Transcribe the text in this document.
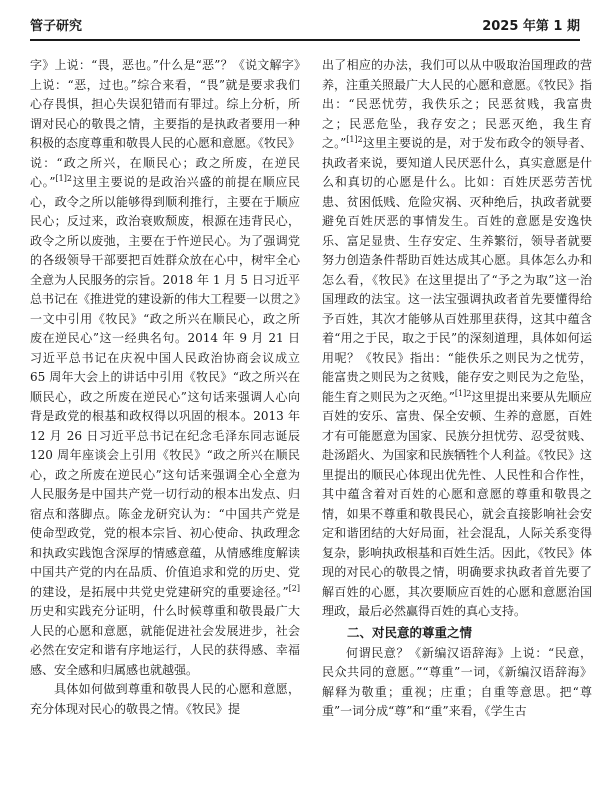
管子研究	2025 年第 1 期

字》上说：“畏，恶也。”什么是“恶”？《说文解字》上说：“恶，过也。”综合来看，“畏”就是要求我们心存畏惧，担心失误犯错而有罪过。综上分析，所谓对民心的敬畏之情，主要指的是执政者要用一种积极的态度尊重和敬畏人民的心愿和意愿。《牧民》说：“政之所兴，在顺民心；政之所废，在逆民心。”$^{[1]2}$这里主要说的是政治兴盛的前提在顺应民心，政令之所以能够得到顺利推行，主要在于顺应民心；反过来，政治衰败颓废，根源在违背民心，政令之所以废弛，主要在于忤逆民心。为了强调党的各级领导干部要把百姓群众放在心中，树牢全心全意为人民服务的宗旨。2018 年 1 月 5 日习近平总书记在《推进党的建设新的伟大工程要一以贯之》一文中引用《牧民》“政之所兴在顺民心，政之所废在逆民心”这一经典名句。2014 年 9 月 21 日习近平总书记在庆祝中国人民政治协商会议成立 65 周年大会上的讲话中引用《牧民》“政之所兴在顺民心，政之所废在逆民心”这句话来强调人心向背是政党的根基和政权得以巩固的根本。2013 年 12 月 26 日习近平总书记在纪念毛泽东同志诞辰 120 周年座谈会上引用《牧民》“政之所兴在顺民心，政之所废在逆民心”这句话来强调全心全意为人民服务是中国共产党一切行动的根本出发点、归宿点和落脚点。陈金龙研究认为：“中国共产党是使命型政党，党的根本宗旨、初心使命、执政理念和执政实践饱含深厚的情感意蕴，从情感维度解读中国共产党的内在品质、价值追求和党的历史、党的建设，是拓展中共党史党建研究的重要途径。”[2]历史和实践充分证明，什么时候尊重和敬畏最广大人民的心愿和意愿，就能促进社会发展进步，社会必然在安定和谐有序地运行，人民的获得感、幸福感、安全感和归属感也就越强。

具体如何做到尊重和敬畏人民的心愿和意愿，充分体现对民心的敬畏之情。《牧民》提

出了相应的办法，我们可以从中吸取治国理政的营养，注重关照最广大人民的心愿和意愿。《牧民》指出：“民恶忧劳，我佚乐之；民恶贫贱，我富贵之；民恶危坠，我存安之；民恶灭绝，我生育之。”$^{[1]2}$这里主要说的是，对于发布政令的领导者、执政者来说，要知道人民厌恶什么，真实意愿是什么和真切的心愿是什么。比如：百姓厌恶劳苦忧患、贫困低贱、危险灾祸、灭种绝后，执政者就要避免百姓厌恶的事情发生。百姓的意愿是安逸快乐、富足显贵、生存安定、生养繁衍，领导者就要努力创造条件帮助百姓达成其心愿。具体怎么办和怎么看，《牧民》在这里提出了“予之为取”这一治国理政的法宝。这一法宝强调执政者首先要懂得给予百姓，其次才能够从百姓那里获得，这其中蕴含着“用之于民，取之于民”的深刻道理，具体如何运用呢？《牧民》指出：“能佚乐之则民为之忧劳，能富贵之则民为之贫贱，能存安之则民为之危坠，能生育之则民为之灭绝。”$^{[1]2}$这里提出来要从先顺应百姓的安乐、富贵、保全安顿、生养的意愿，百姓才有可能愿意为国家、民族分担忧劳、忍受贫贱、赴汤蹈火、为国家和民族牺牲个人利益。《牧民》这里提出的顺民心体现出优先性、人民性和合作性，其中蕴含着对百姓的心愿和意愿的尊重和敬畏之情，如果不尊重和敬畏民心，就会直接影响社会安定和谐团结的大好局面，社会混乱，人际关系变得复杂，影响执政根基和百姓生活。因此，《牧民》体现的对民心的敬畏之情，明确要求执政者首先要了解百姓的心愿，其次要顺应百姓的心愿和意愿治国理政，最后必然赢得百姓的真心支持。

二、对民意的尊重之情

何谓民意？《新编汉语辞海》上说：“民意，民众共同的意愿。”“尊重”一词，《新编汉语辞海》解释为敬重；重视；庄重；自重等意思。把“尊重”一词分成“尊”和“重”来看，《学生古
